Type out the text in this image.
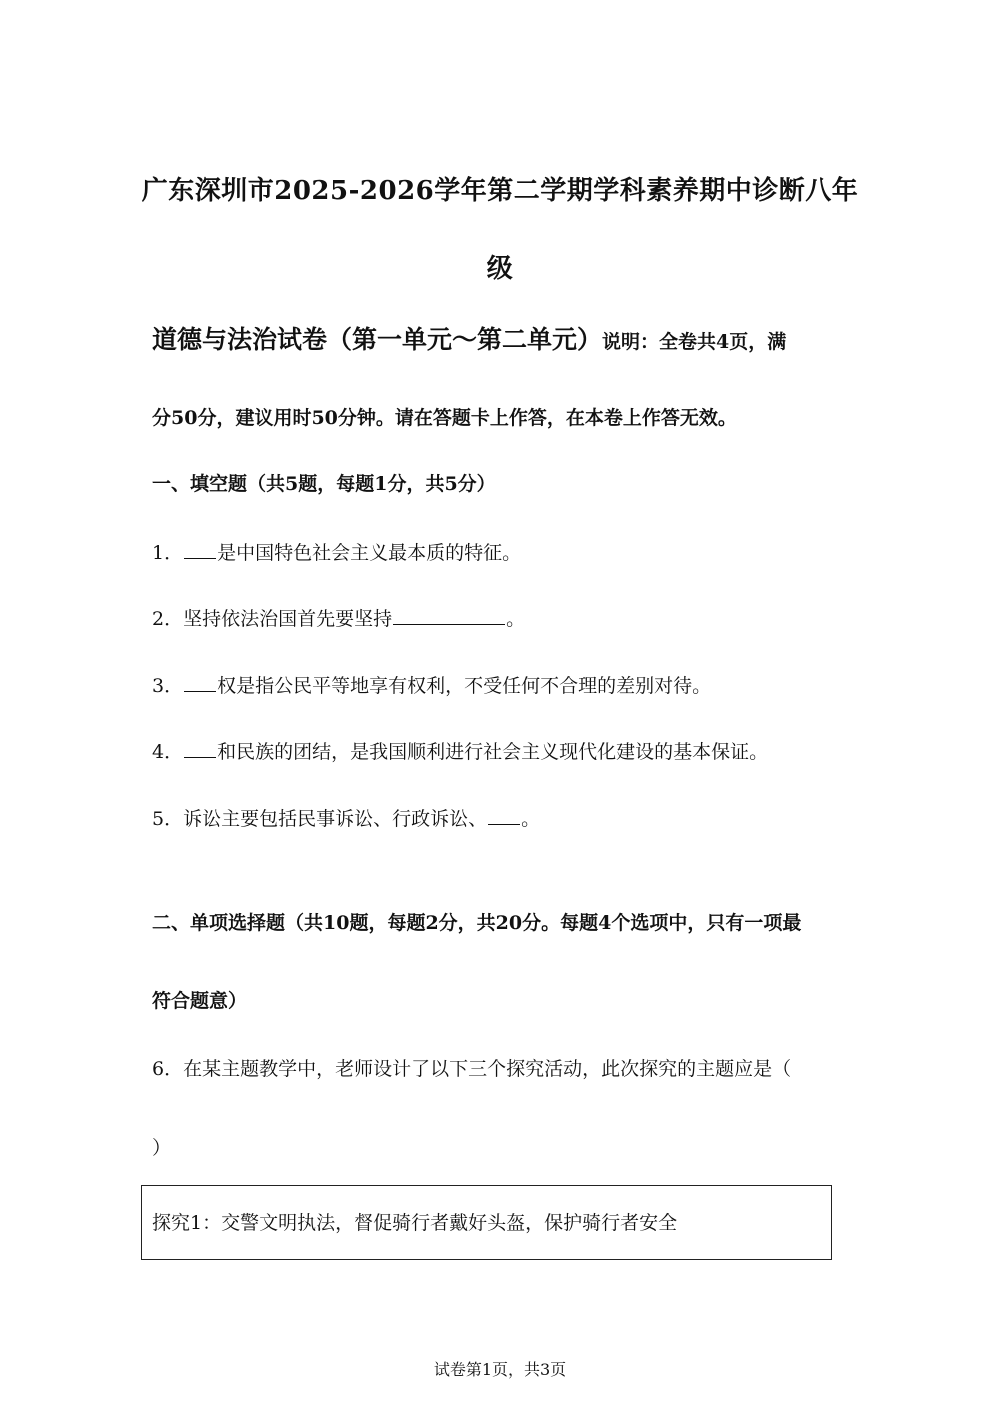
广东深圳市2025-2026学年第二学期学科素养期中诊断八年
级
道德与法治试卷（第一单元～第二单元）说明：全卷共4页，满
分50分，建议用时50分钟。请在答题卡上作答，在本卷上作答无效。
一、填空题（共5题，每题1分，共5分）
1． 是中国特色社会主义最本质的特征。
2．坚持依法治国首先要坚持	。
3． 权是指公民平等地享有权利，不受任何不合理的差别对待。
4． 和民族的团结，是我国顺利进行社会主义现代化建设的基本保证。
5．诉讼主要包括民事诉讼、行政诉讼、 。
二、单项选择题（共10题，每题2分，共20分。每题4个选项中，只有一项最
符合题意）
6．在某主题教学中，老师设计了以下三个探究活动，此次探究的主题应是（
）
探究1：交警文明执法，督促骑行者戴好头盔，保护骑行者安全
试卷第1页，共3页
